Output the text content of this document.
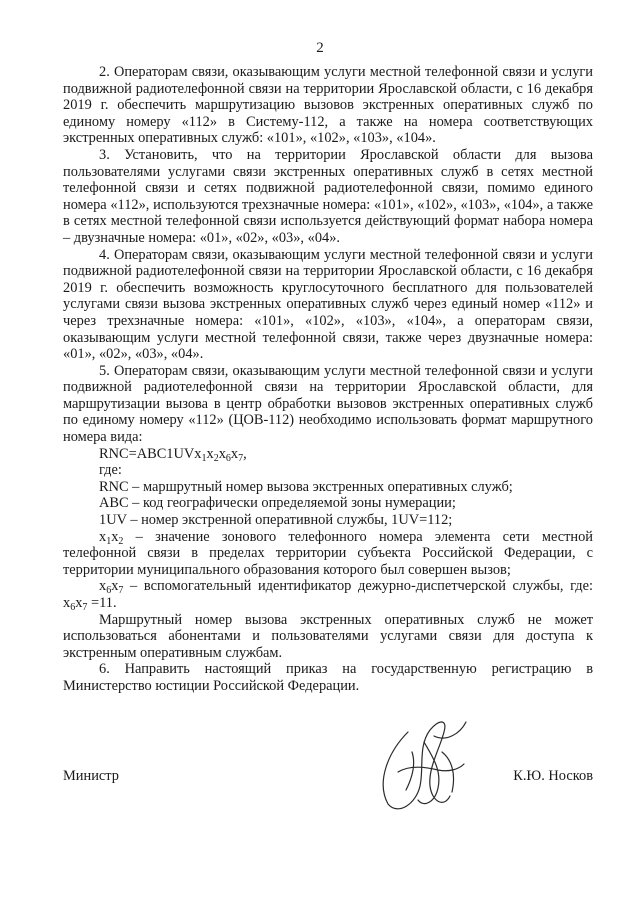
2

2. Операторам связи, оказывающим услуги местной телефонной связи и услуги подвижной радиотелефонной связи на территории Ярославской области, с 16 декабря 2019 г. обеспечить маршрутизацию вызовов экстренных оперативных служб по единому номеру «112» в Систему-112, а также на номера соответствующих экстренных оперативных служб: «101», «102», «103», «104».

3. Установить, что на территории Ярославской области для вызова пользователями услугами связи экстренных оперативных служб в сетях местной телефонной связи и сетях подвижной радиотелефонной связи, помимо единого номера «112», используются трехзначные номера: «101», «102», «103», «104», а также в сетях местной телефонной связи используется действующий формат набора номера – двузначные номера: «01», «02», «03», «04».

4. Операторам связи, оказывающим услуги местной телефонной связи и услуги подвижной радиотелефонной связи на территории Ярославской области, с 16 декабря 2019 г. обеспечить возможность круглосуточного бесплатного для пользователей услугами связи вызова экстренных оперативных служб через единый номер «112» и через трехзначные номера: «101», «102», «103», «104», а операторам связи, оказывающим услуги местной телефонной связи, также через двузначные номера: «01», «02», «03», «04».

5. Операторам связи, оказывающим услуги местной телефонной связи и услуги подвижной радиотелефонной связи на территории Ярославской области, для маршрутизации вызова в центр обработки вызовов экстренных оперативных служб по единому номеру «112» (ЦОВ-112) необходимо использовать формат маршрутного номера вида:

$RNC=ABC1UVx_1x_2x_6x_7$,

где:

RNC – маршрутный номер вызова экстренных оперативных служб;

ABC – код географически определяемой зоны нумерации;

1UV – номер экстренной оперативной службы, 1UV=112;

$x_1x_2$ – значение зонового телефонного номера элемента сети местной телефонной связи в пределах территории субъекта Российской Федерации, с территории муниципального образования которого был совершен вызов;

$x_6x_7$ – вспомогательный идентификатор дежурно-диспетчерской службы, где: $x_6x_7 =11$.

Маршрутный номер вызова экстренных оперативных служб не может использоваться абонентами и пользователями услугами связи для доступа к экстренным оперативным службам.

6. Направить настоящий приказ на государственную регистрацию в Министерство юстиции Российской Федерации.

Министр	К.Ю. Носков
